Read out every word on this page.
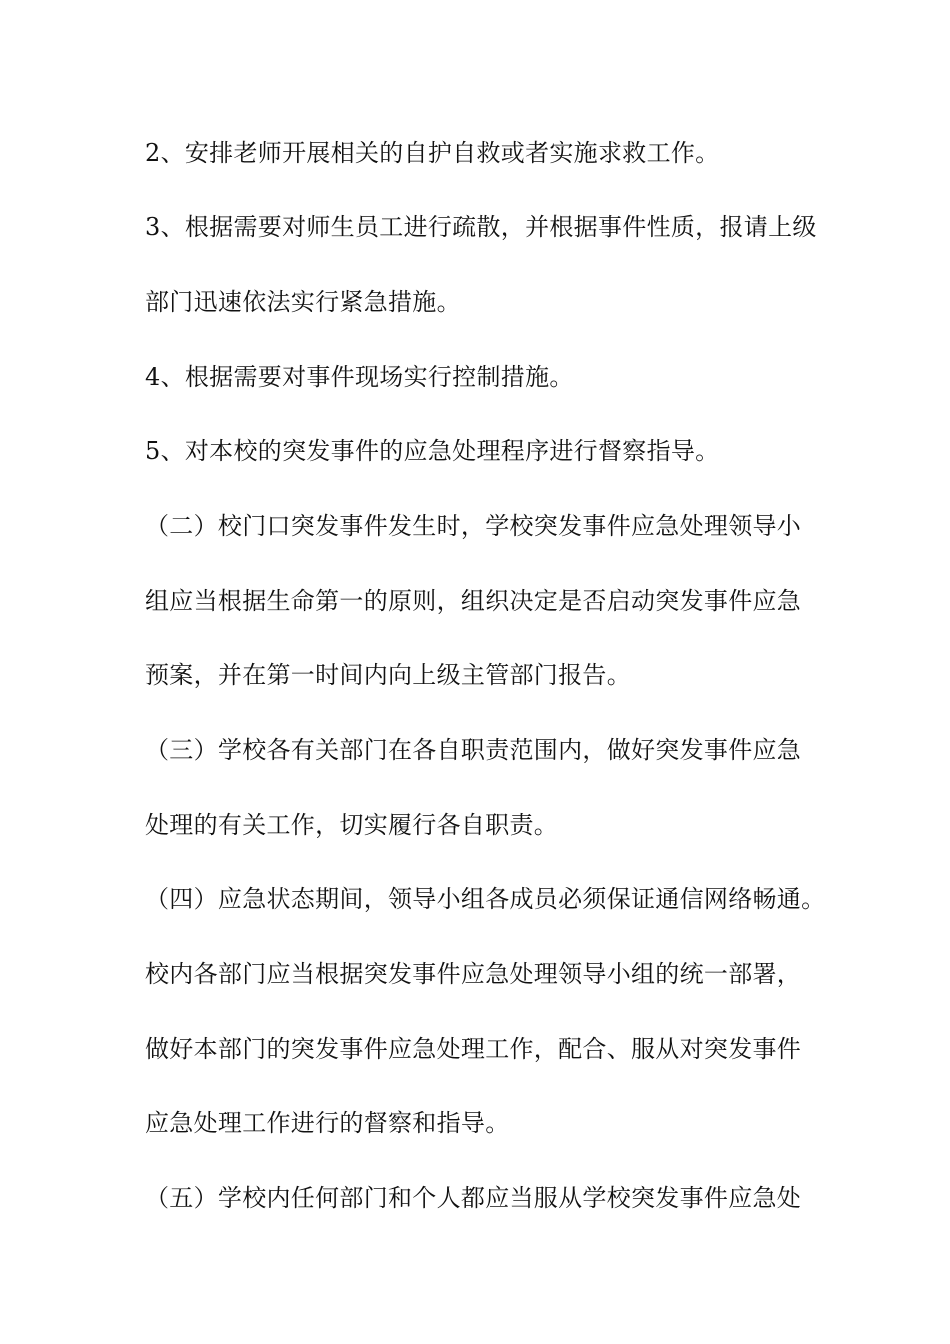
2、安排老师开展相关的自护自救或者实施求救工作。
3、根据需要对师生员工进行疏散，并根据事件性质，报请上级
部门迅速依法实行紧急措施。
4、根据需要对事件现场实行控制措施。
5、对本校的突发事件的应急处理程序进行督察指导。
（二）校门口突发事件发生时，学校突发事件应急处理领导小
组应当根据生命第一的原则，组织决定是否启动突发事件应急
预案，并在第一时间内向上级主管部门报告。
（三）学校各有关部门在各自职责范围内，做好突发事件应急
处理的有关工作，切实履行各自职责。
（四）应急状态期间，领导小组各成员必须保证通信网络畅通。
校内各部门应当根据突发事件应急处理领导小组的统一部署，
做好本部门的突发事件应急处理工作，配合、服从对突发事件
应急处理工作进行的督察和指导。
（五）学校内任何部门和个人都应当服从学校突发事件应急处
